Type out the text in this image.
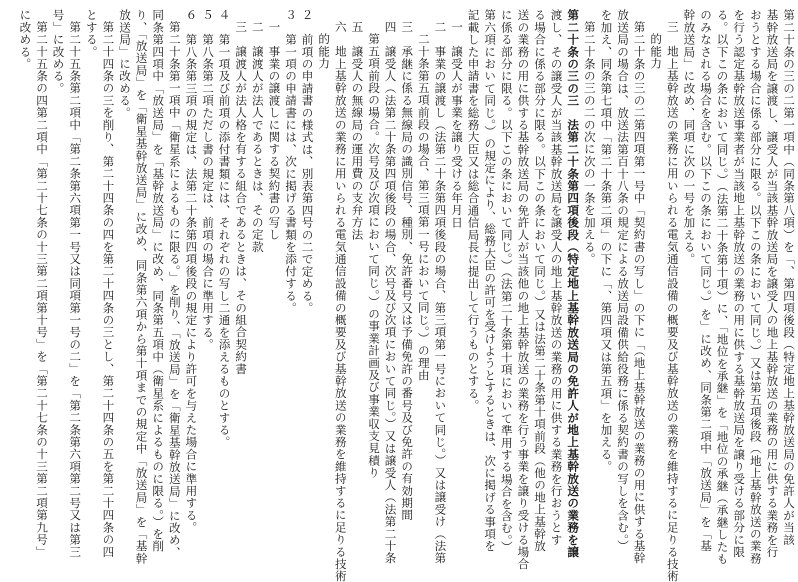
第二十条の三の二第一項中（同条第八項）を「、第四項後段（特定地上基幹放送局の免許人が当該
基幹放送局を譲渡し、譲受人が当該基幹放送局を譲受人の地上基幹放送の業務の用に供する業務を行
おうとする場合に係る部分に限る。以下この条において同じ。）又は第五項後段（地上基幹放送の業務
を行う認定基幹放送事業者が当該地上基幹放送の業務の用に供する基幹放送局を譲り受ける部分に限
る。以下この条において同じ。）（法第二十条第十項）に、「地位を承継」を「地位の承継（承継したも
のみなされる場合を含む。以下この条において同じ。）を」に改め、同条第二項中「放送局」を「基
幹放送局」に改め、同項に次の一号を加える。
三　地上基幹放送の業務に用いられる電気通信設備の概要及び基幹放送の業務を維持するに足りる技術
的能力
第二十条の三の二第四項第一号中「契約書の写し」の下に「（地上基幹放送の業務の用に供する基幹
放送局の場合は、放送法第百十八条の規定による放送局設備供給役務に係る契約書の写しを含む。）
を加え、同条第七項中「第二十条第二項」の下に「、第四項又は第五項」を加える。
第二十条の三の二の次に次の一条を加える。
第二十条の三の三　法第二十条第四項後段（特定地上基幹放送局の免許人が地上基幹放送の業務を譲
渡し、その譲受人が当該基幹放送局を譲受人の地上基幹放送の業務の用に供する業務を行おうとす
る場合に係る部分に限る。以下この条において同じ。）又は法第二十条第十項前段（他の地上基幹放
送の業務の用に供する基幹放送局の免許人が当該他の地上基幹放送の業務を行う事業を譲り受ける場合
に係る部分に限る。以下この条において同じ。）（法第二十条第十項において準用する場合を含む。）
第六項において同じ。）の規定により、総務大臣の許可を受けようとするときは、次に掲げる事項を
記載した申請書を総務大臣又は総合通信局長に提出して行うものとする。
一　譲受人が事業を譲り受ける年月日
二　事業の譲渡し（法第二十条第四項後段の場合、第三項第一号において同じ。）又は譲受け（法第
二十条第五項前段の場合、第三項第一号において同じ。）の理由
三　承継に係る無線局の識別信号、種別、免許番号又は予備免許の番号及び免許の有効期間
四　譲受人（法第二十条第四項後段の場合、次号及び次項において同じ。）又は譲受人（法第二十条
第五項前段の場合。次号及び次項において同じ。）の事業計画及び事業収支見積り
五　譲受人の無線局の運用費の支弁方法
六　地上基幹放送の業務に用いられる電気通信設備の概要及び基幹放送の業務を維持するに足りる技術
的能力
２　前項の申請書の様式は、別表第四号の二で定める。
３　第一項の申請書には、次に掲げる書類を添付する。
一　事業の譲渡しに関する契約書の写し
二　譲渡人が法人であるときは、その定款
三　譲渡人が法人格を有する組合であるときは、その組合契約書
４　第一項及び前項の添付書類には、それぞれの写し二通を添えるものとする。
５　第八条第二項ただし書の規定は、前項の場合に準用する。
６　第八条第三項の規定は、法第二十条第四項後段の規定により許可を与えた場合に準用する。
第二十条第一項中「衛星系によるものに限る。」を削り、「放送局」を「衛星基幹放送局」に改め、
同条第四項中「放送局」を「基幹放送局」に改め、同条第五項中（衛星系によるものに限る。）を削
り、「放送局」を「衛星基幹放送局」に改め、同条第六項から第十項までの規定中「放送局」を「基幹
放送局」に改める。
第二十四条の三を削り、第二十四条の四を第二十四条の三とし、第二十四条の五を第二十四条の四
とする。
第二十五条第二項中「第二条第六項第一号又は同項第一号の二」を「第二条第六項第二号又は第三
号」に改める。
第二十五条の四第二項中「第二十七条の十三第二項第十号」を「第二十七条の十三第二項第九号」
に改める。
